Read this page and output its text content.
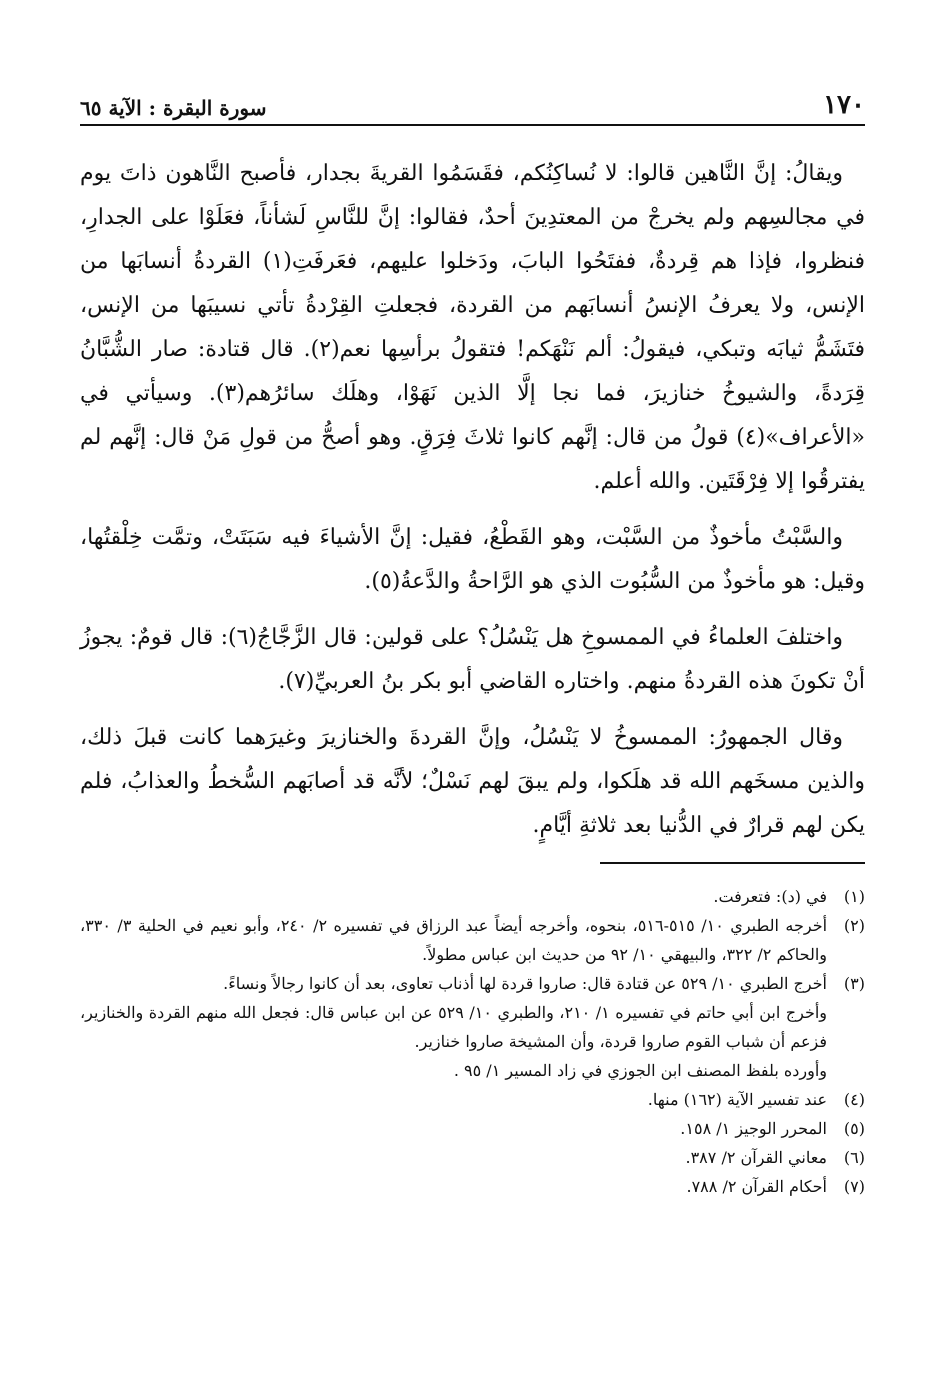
١٧٠
سورة البقرة : الآية ٦٥

ويقالُ: إنَّ النَّاهين قالوا: لا نُساكِنُكم، فقَسَمُوا القريةَ بجدار، فأصبح النَّاهون ذاتَ يوم في مجالسِهم ولم يخرجْ من المعتدِينَ أحدٌ، فقالوا: إنَّ للنَّاسِ لَشأناً، فعَلَوْا على الجدارِ، فنظروا، فإذا هم قِردةٌ، ففتَحُوا البابَ، ودَخلوا عليهم، فعَرفَتِ(١) القردةُ أنسابَها من الإنس، ولا يعرفُ الإنسُ أنسابَهم من القردة، فجعلتِ القِرْدةُ تأتي نسيبَها من الإنس، فتَشَمُّ ثيابَه وتبكي، فيقولُ: ألم نَنْهَكم! فتقولُ برأسِها نعم(٢). قال قتادة: صار الشُّبَّانُ قِرَدةً، والشيوخُ خنازيرَ، فما نجا إلَّا الذين نَهَوْا، وهلَك سائرُهم(٣). وسيأتي في «الأعراف»(٤) قولُ من قال: إنَّهم كانوا ثلاثَ فِرَقٍ. وهو أصحُّ من قولِ مَنْ قال: إنَّهم لم يفترقُوا إلا فِرْقَتَين. والله أعلم.

والسَّبْتُ مأخوذٌ من السَّبْت، وهو القَطْعُ، فقيل: إنَّ الأشياءَ فيه سَبَتَتْ، وتمَّت خِلْقتُها، وقيل: هو مأخوذٌ من السُّبُوت الذي هو الرَّاحةُ والدَّعةُ(٥).

واختلفَ العلماءُ في الممسوخِ هل يَنْسُلُ؟ على قولين: قال الزَّجَّاجُ(٦): قال قومٌ: يجوزُ أنْ تكونَ هذه القردةُ منهم. واختاره القاضي أبو بكر بنُ العربيِّ(٧).

وقال الجمهورُ: الممسوخُ لا يَنْسُلُ، وإنَّ القردةَ والخنازيرَ وغيرَهما كانت قبلَ ذلك، والذين مسخَهم الله قد هلَكوا، ولم يبقَ لهم نَسْلٌ؛ لأنَّه قد أصابَهم السُّخطُ والعذابُ، فلم يكن لهم قرارٌ في الدُّنيا بعد ثلاثةِ أيَّامٍ.

(١)
في (د): فتعرفت.
(٢)
أخرجه الطبري ١٠/ ٥١٥-٥١٦، بنحوه، وأخرجه أيضاً عبد الرزاق في تفسيره ٢/ ٢٤٠، وأبو نعيم في الحلية ٣/ ٣٣٠، والحاكم ٢/ ٣٢٢، والبيهقي ١٠/ ٩٢ من حديث ابن عباس مطولاً.
(٣)
أخرج الطبري ١٠/ ٥٢٩ عن قتادة قال: صاروا قردة لها أذناب تعاوى، بعد أن كانوا رجالاً ونساءً.
وأخرج ابن أبي حاتم في تفسيره ١/ ٢١٠، والطبري ١٠/ ٥٢٩ عن ابن عباس قال: فجعل الله منهم القردة والخنازير، فزعم أن شباب القوم صاروا قردة، وأن المشيخة صاروا خنازير.
وأورده بلفظ المصنف ابن الجوزي في زاد المسير ١/ ٩٥ .
(٤)
عند تفسير الآية (١٦٢) منها.
(٥)
المحرر الوجيز ١/ ١٥٨.
(٦)
معاني القرآن ٢/ ٣٨٧.
(٧)
أحكام القرآن ٢/ ٧٨٨.
